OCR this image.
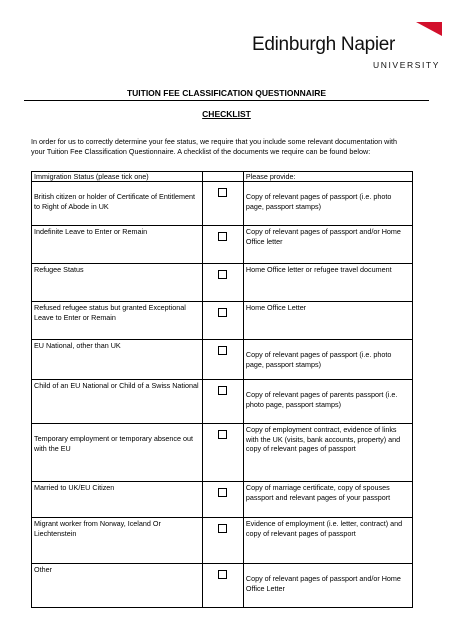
Edinburgh Napier
UNIVERSITY
TUITION FEE CLASSIFICATION QUESTIONNAIRE
CHECKLIST
In order for us to correctly determine your fee status, we require that you include some relevant documentation with your Tuition Fee Classification Questionnaire. A checklist of the documents we require can be found below:
Immigration Status (please tick one)		Please provide:

British citizen or holder of Certificate of Entitlement to Right of Abode in UK		Copy of relevant pages of passport (i.e. photo page, passport stamps)
Indefinite Leave to Enter or Remain		Copy of relevant pages of passport and/or Home Office letter
Refugee Status		Home Office letter or refugee travel document
Refused refugee status but granted Exceptional Leave to Enter or Remain		Home Office Letter
EU National, other than UK		Copy of relevant pages of passport (i.e. photo page, passport stamps)
Child of an EU National or Child of a Swiss National		Copy of relevant pages of parents passport (i.e. photo page, passport stamps)

Temporary employment or temporary absence out with the EU		Copy of employment contract, evidence of links with the UK (visits, bank accounts, property) and copy of relevant pages of passport
Married to UK/EU Citizen		Copy of marriage certificate, copy of spouses passport and relevant pages of your passport
Migrant worker from Norway, Iceland Or Liechtenstein		Evidence of employment (i.e. letter, contract) and copy of relevant pages of passport
Other		Copy of relevant pages of passport and/or Home Office Letter
